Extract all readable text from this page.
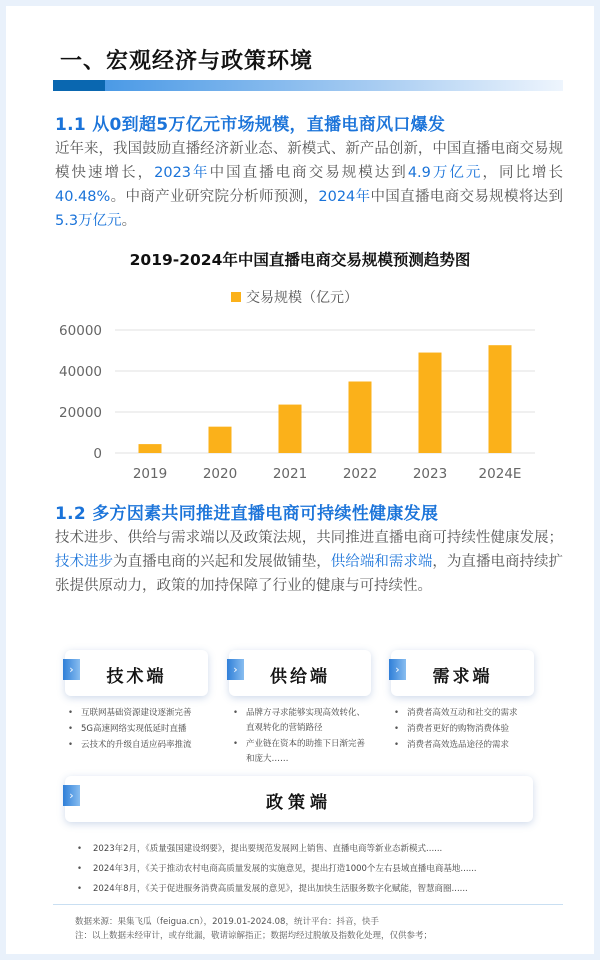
一、宏观经济与政策环境
1.1 从0到超5万亿元市场规模，直播电商风口爆发
近年来，我国鼓励直播经济新业态、新模式、新产品创新，中国直播电商交易规模快速增长，2023年中国直播电商交易规模达到4.9万亿元，同比增长40.48%。中商产业研究院分析师预测，2024年中国直播电商交易规模将达到5.3万亿元。
2019-2024年中国直播电商交易规模预测趋势图
交易规模（亿元）
0
20000
40000
60000
2019	2020	2021	2022	2023 2024E
1.2 多方因素共同推进直播电商可持续性健康发展
技术进步、供给与需求端以及政策法规，共同推进直播电商可持续性健康发展；技术进步为直播电商的兴起和发展做铺垫，供给端和需求端，为直播电商持续扩张提供原动力，政策的加持保障了行业的健康与可持续性。
›	技术端	›	供给端	›	需求端
• 互联网基础资源建设逐渐完善
• 5G高速网络实现低延时直播
• 云技术的升级自适应码率推流
• 品牌方寻求能够实现高效转化、直观转化的营销路径
• 产业链在资本的助推下日渐完善和庞大……
• 消费者高效互动和社交的需求
• 消费者更好的购物消费体验
• 消费者高效选品途径的需求
›	政策端
• 2023年2月，《质量强国建设纲要》，提出要规范发展网上销售、直播电商等新业态新模式......
• 2024年3月，《关于推动农村电商高质量发展的实施意见，提出打造1000个左右县域直播电商基地......
• 2024年8月，《关于促进服务消费高质量发展的意见》，提出加快生活服务数字化赋能，智慧商圈......
数据来源：果集飞瓜（feigua.cn），2019.01-2024.08，统计平台：抖音，快手
注：以上数据未经审计，或存纰漏，敬请谅解指正；数据均经过脱敏及指数化处理，仅供参考；
